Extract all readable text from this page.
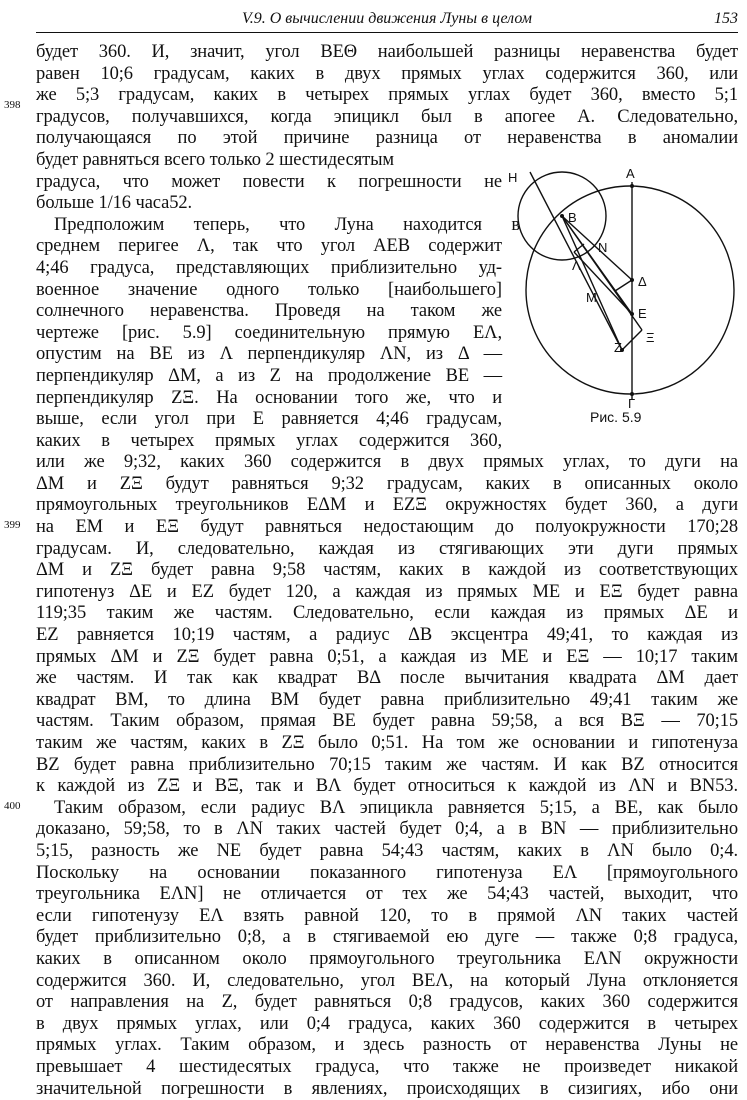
V.9. О вычислении движения Луны в целом	153
398
399
400
будет 360. И, значит, угол BEΘ наибольшей разницы неравенства будет
равен 10;6 градусам, каких в двух прямых углах содержится 360, или
же 5;3 градусам, каких в четырех прямых углах будет 360, вместо 5;1
градусов, получавшихся, когда эпицикл был в апогее A. Следовательно,
получающаяся по этой причине разница от неравенства в аномалии
будет равняться всего только 2 шестидесятым
градуса, что может повести к погрешности не
больше 1/16 часа52.
Предположим теперь, что Луна находится в
среднем перигее Λ, так что угол AEB содержит
4;46 градуса, представляющих приблизительно уд-
военное значение одного только [наибольшего]
солнечного неравенства. Проведя на таком же
чертеже [рис. 5.9] соединительную прямую EΛ,
опустим на BE из Λ перпендикуляр ΛN, из Δ —
перпендикуляр ΔM, а из Z на продолжение BE —
перпендикуляр ZΞ. На основании того же, что и
выше, если угол при E равняется 4;46 градусам,
каких в четырех прямых углах содержится 360,
или же 9;32, каких 360 содержится в двух прямых углах, то дуги на
ΔM и ZΞ будут равняться 9;32 градусам, каких в описанных около
прямоугольных треугольников EΔM и EZΞ окружностях будет 360, а дуги
на EM и EΞ будут равняться недостающим до полуокружности 170;28
градусам. И, следовательно, каждая из стягивающих эти дуги прямых
ΔM и ZΞ будет равна 9;58 частям, каких в каждой из соответствующих
гипотенуз ΔE и EZ будет 120, а каждая из прямых ME и EΞ будет равна
119;35 таким же частям. Следовательно, если каждая из прямых ΔE и
EZ равняется 10;19 частям, а радиус ΔB эксцентра 49;41, то каждая из
прямых ΔM и ZΞ будет равна 0;51, а каждая из ME и EΞ — 10;17 таким
же частям. И так как квадрат BΔ после вычитания квадрата ΔM дает
квадрат BM, то длина BM будет равна приблизительно 49;41 таким же
частям. Таким образом, прямая BE будет равна 59;58, а вся BΞ — 70;15
таким же частям, каких в ZΞ было 0;51. На том же основании и гипотенуза
BZ будет равна приблизительно 70;15 таким же частям. И как BZ относится
к каждой из ZΞ и BΞ, так и BΛ будет относиться к каждой из ΛN и BN53.
Таким образом, если радиус BΛ эпицикла равняется 5;15, а BE, как было
доказано, 59;58, то в ΛN таких частей будет 0;4, а в BN — приблизительно
5;15, разность же NE будет равна 54;43 частям, каких в ΛN было 0;4.
Поскольку на основании показанного гипотенуза EΛ [прямоугольного
треугольника EΛN] не отличается от тех же 54;43 частей, выходит, что
если гипотенузу EΛ взять равной 120, то в прямой ΛN таких частей
будет приблизительно 0;8, а в стягиваемой ею дуге — также 0;8 градуса,
каких в описанном около прямоугольного треугольника EΛN окружности
содержится 360. И, следовательно, угол BEΛ, на который Луна отклоняется
от направления на Z, будет равняться 0;8 градусов, каких 360 содержится
в двух прямых углах, или 0;4 градуса, каких 360 содержится в четырех
прямых углах. Таким образом, и здесь разность от неравенства Луны не
превышает 4 шестидесятых градуса, что также не произведет никакой
значительной погрешности в явлениях, происходящих в сизигиях, ибо они
H	A
B
N
Λ
Δ
M
E
Ξ
Z
Γ
Рис. 5.9
